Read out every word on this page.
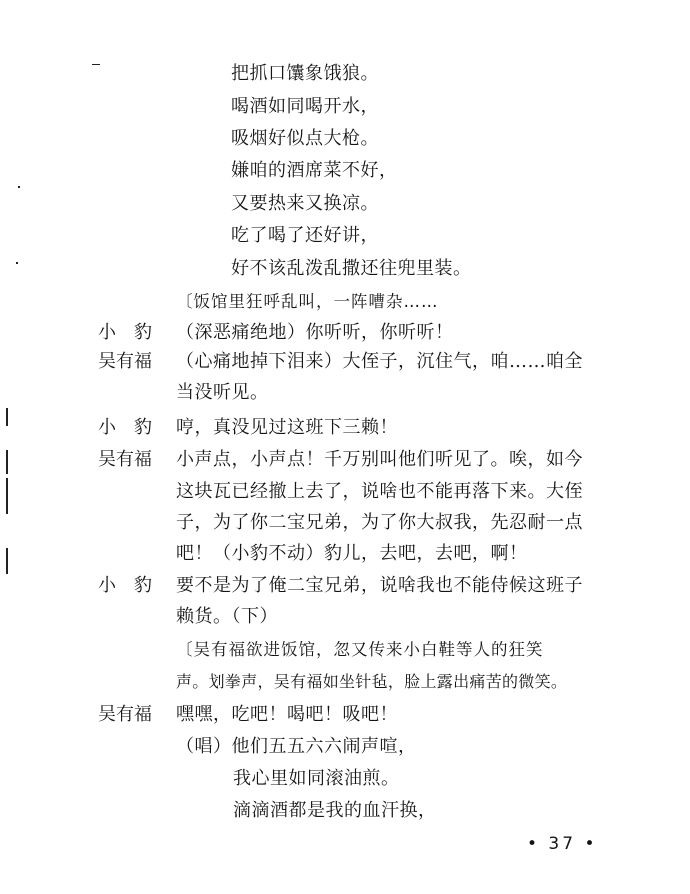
把抓口馕象饿狼。
喝酒如同喝开水，
吸烟好似点大枪。
嫌咱的酒席菜不好，
又要热来又换凉。
吃了喝了还好讲，
好不该乱泼乱撒还往兜里装。
〔饭馆里狂呼乱叫，一阵嘈杂……
小　豹 （深恶痛绝地）你听听，你听听！
吴有福 （心痛地掉下泪来）大侄子，沉住气，咱……咱全
当没听见。
小　豹 哼，真没见过这班下三赖！
吴有福 小声点，小声点！千万别叫他们听见了。唉，如今
这块瓦已经撤上去了，说啥也不能再落下来。大侄
子，为了你二宝兄弟，为了你大叔我，先忍耐一点
吧！（小豹不动）豹儿，去吧，去吧，啊！
小　豹 要不是为了俺二宝兄弟，说啥我也不能侍候这班子
赖货。（下）
〔吴有福欲进饭馆，忽又传来小白鞋等人的狂笑
声。划拳声，吴有福如坐针毡，脸上露出痛苦的微笑。
吴有福 嘿嘿，吃吧！喝吧！吸吧！
（唱）他们五五六六闹声喧，
我心里如同滚油煎。
滴滴酒都是我的血汗换，
• 37 •
